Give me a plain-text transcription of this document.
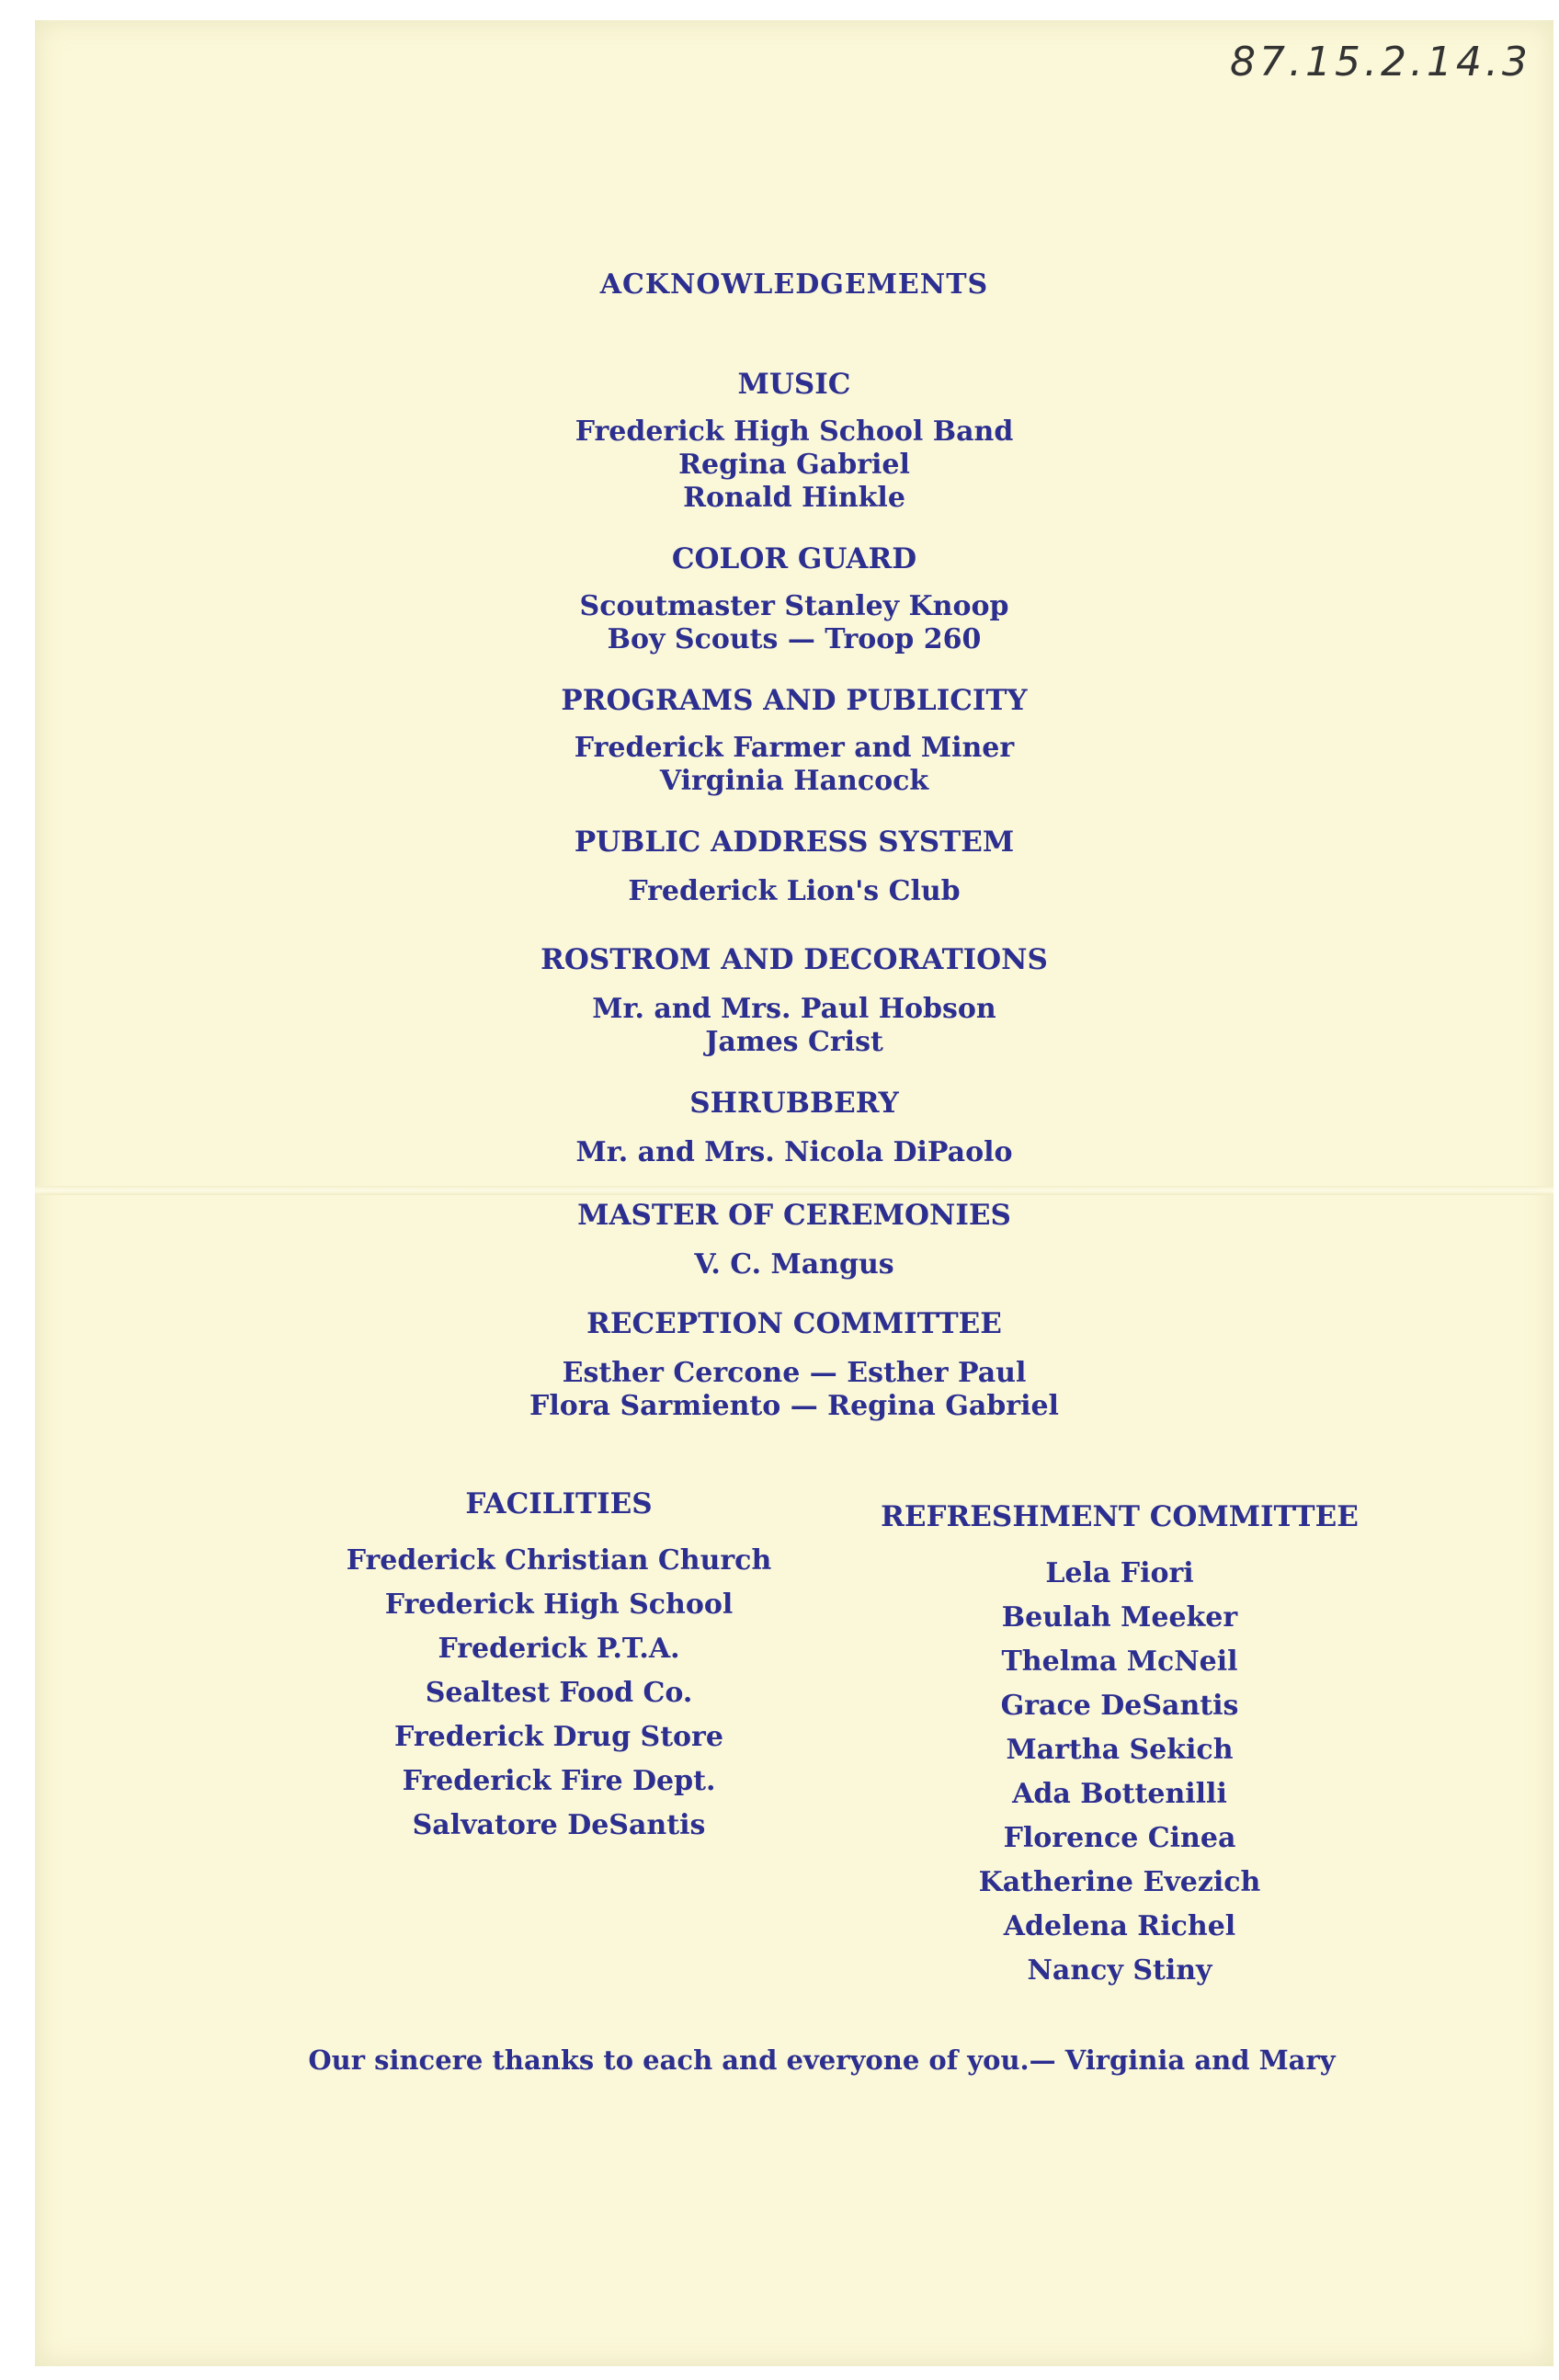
87.15.2.14.3
ACKNOWLEDGEMENTS
MUSIC
Frederick High School Band
Regina Gabriel
Ronald Hinkle
COLOR GUARD
Scoutmaster Stanley Knoop
Boy Scouts — Troop 260
PROGRAMS AND PUBLICITY
Frederick Farmer and Miner
Virginia Hancock
PUBLIC ADDRESS SYSTEM
Frederick Lion's Club
ROSTROM AND DECORATIONS
Mr. and Mrs. Paul Hobson
James Crist
SHRUBBERY
Mr. and Mrs. Nicola DiPaolo
MASTER OF CEREMONIES
V. C. Mangus
RECEPTION COMMITTEE
Esther Cercone — Esther Paul
Flora Sarmiento — Regina Gabriel
FACILITIES
Frederick Christian Church
Frederick High School
Frederick P.T.A.
Sealtest Food Co.
Frederick Drug Store
Frederick Fire Dept.
Salvatore DeSantis
REFRESHMENT COMMITTEE
Lela Fiori
Beulah Meeker
Thelma McNeil
Grace DeSantis
Martha Sekich
Ada Bottenilli
Florence Cinea
Katherine Evezich
Adelena Richel
Nancy Stiny
Our sincere thanks to each and everyone of you.— Virginia and Mary
